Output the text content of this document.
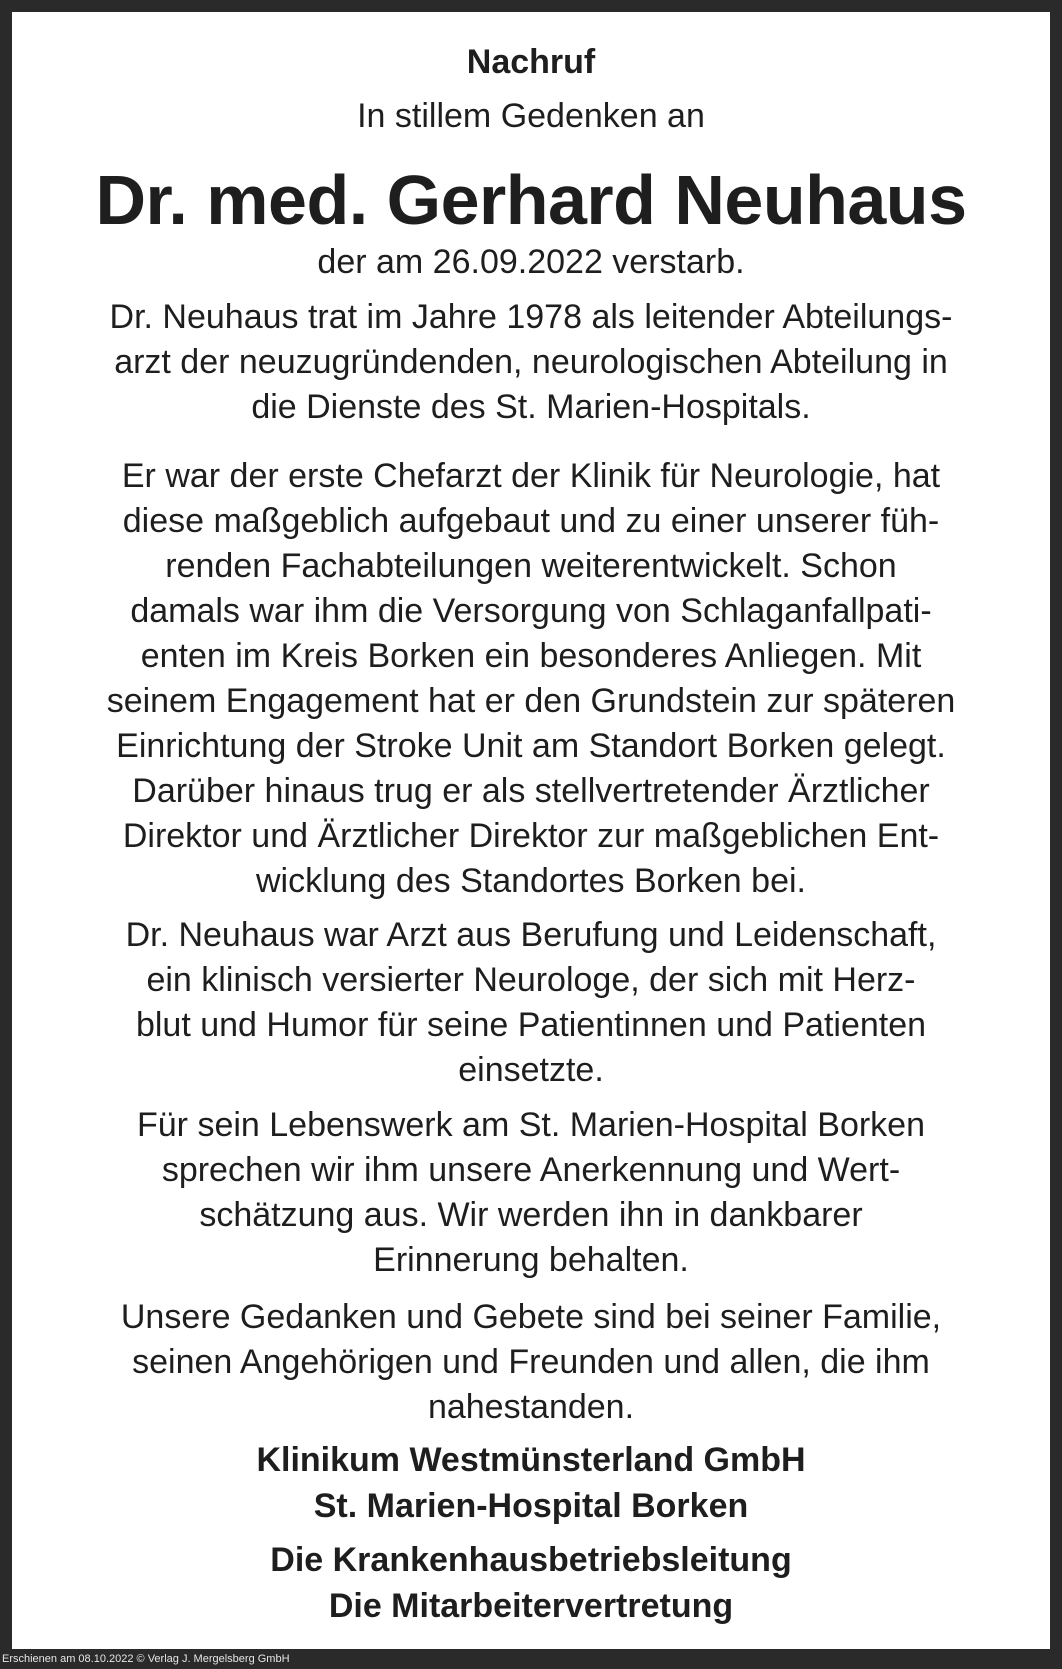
Nachruf
In stillem Gedenken an
Dr. med. Gerhard Neuhaus
der am 26.09.2022 verstarb.
Dr. Neuhaus trat im Jahre 1978 als leitender Abteilungs-
arzt der neuzugründenden, neurologischen Abteilung in
die Dienste des St. Marien-Hospitals.
Er war der erste Chefarzt der Klinik für Neurologie, hat
diese maßgeblich aufgebaut und zu einer unserer füh-
renden Fachabteilungen weiterentwickelt. Schon
damals war ihm die Versorgung von Schlaganfallpati-
enten im Kreis Borken ein besonderes Anliegen. Mit
seinem Engagement hat er den Grundstein zur späteren
Einrichtung der Stroke Unit am Standort Borken gelegt.
Darüber hinaus trug er als stellvertretender Ärztlicher
Direktor und Ärztlicher Direktor zur maßgeblichen Ent-
wicklung des Standortes Borken bei.
Dr. Neuhaus war Arzt aus Berufung und Leidenschaft,
ein klinisch versierter Neurologe, der sich mit Herz-
blut und Humor für seine Patientinnen und Patienten
einsetzte.
Für sein Lebenswerk am St. Marien-Hospital Borken
sprechen wir ihm unsere Anerkennung und Wert-
schätzung aus. Wir werden ihn in dankbarer
Erinnerung behalten.
Unsere Gedanken und Gebete sind bei seiner Familie,
seinen Angehörigen und Freunden und allen, die ihm
nahestanden.
Klinikum Westmünsterland GmbH
St. Marien-Hospital Borken
Die Krankenhausbetriebsleitung
Die Mitarbeitervertretung
Erschienen am 08.10.2022 © Verlag J. Mergelsberg GmbH
